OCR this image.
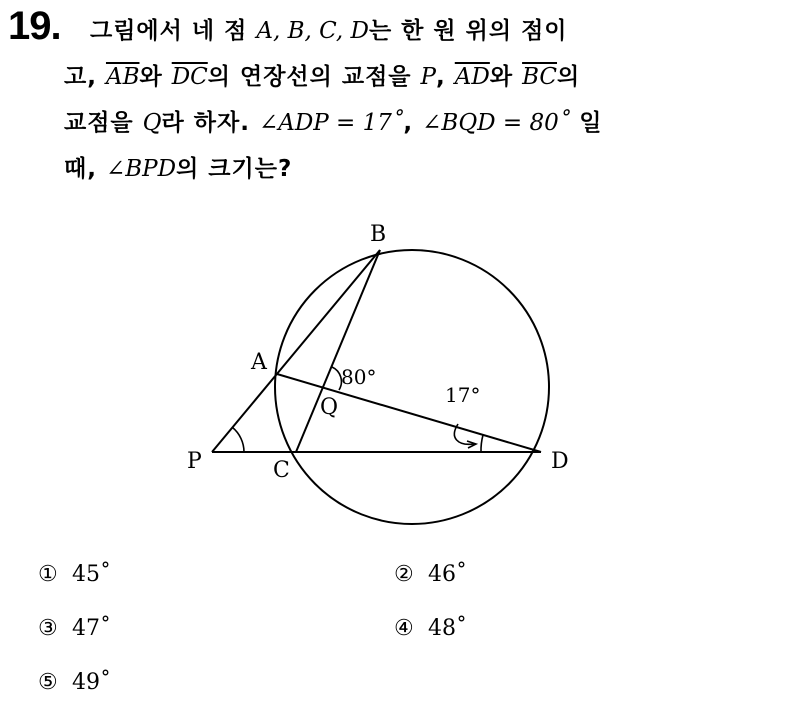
19.	그림에서 네 점 A, B, C, D는 한 원 위의 점이
고, $\overline{AB}$와 $\overline{DC}$의 연장선의 교점을 P, $\overline{AD}$와 $\overline{BC}$의
교점을 Q라 하자. ∠ADP = 17˚, ∠BQD = 80˚ 일
때, ∠BPD의 크기는?
B
A
Q
P	C	D
80°
17°
① 45˚	② 46˚
③ 47˚	④ 48˚
⑤ 49˚
